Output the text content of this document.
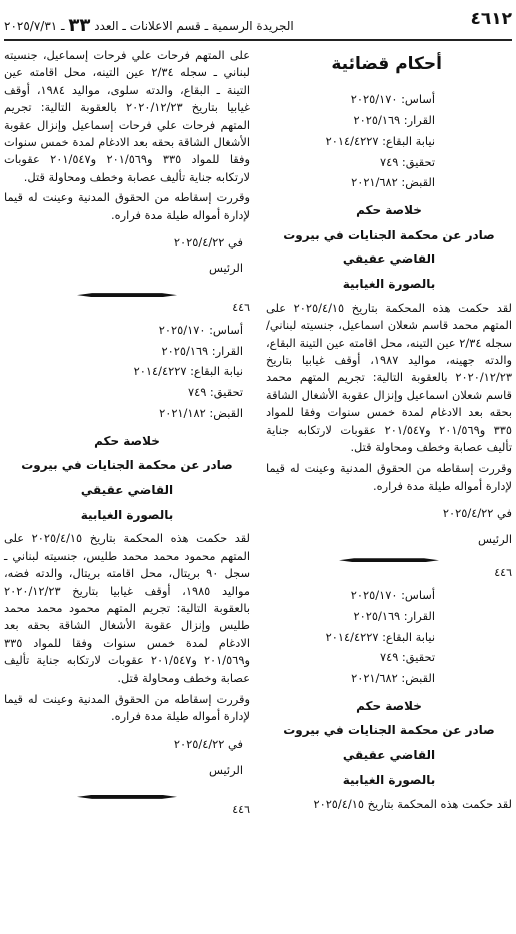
٤٦١٢
الجريدة الرسمية ـ قسم الاعلانات ـ العدد ٣٣ ـ ٢٠٢٥/٧/٣١
أحكام قضائية
أساس: ٢٠٢٥/١٧٠
القرار: ٢٠٢٥/١٦٩
نيابة البقاع: ٢٠١٤/٤٢٢٧
تحقيق: ٧٤٩
القبض: ٢٠٢١/٦٨٢
خلاصة حكم
صادر عن محكمة الجنايات في بيروت
القاضي عقيقي
بالصورة الغيابية
لقد حكمت هذه المحكمة بتاريخ ٢٠٢٥/٤/١٥ على المتهم محمد قاسم شعلان اسماعيل، جنسيته لبناني/ سجله ٢/٣٤ عين التينه، محل اقامته عين التينة البقاع، والدته جهينه، مواليد ١٩٨٧، أوقف غيابيا بتاريخ ٢٠٢٠/١٢/٢٣ بالعقوبة التالية: تجريم المتهم محمد قاسم شعلان اسماعيل وإنزال عقوبة الأشغال الشاقة بحقه بعد الادغام لمدة خمس سنوات وفقا للمواد ٣٣٥ و٢٠١/٥٦٩ و٢٠١/٥٤٧ عقوبات لارتكابه جناية تأليف عصابة وخطف ومحاولة قتل.
وقررت إسقاطه من الحقوق المدنية وعينت له قيما لإدارة أمواله طيلة مدة فراره.
في ٢٠٢٥/٤/٢٢
الرئيس
٤٤٦
أساس: ٢٠٢٥/١٧٠
القرار: ٢٠٢٥/١٦٩
نيابة البقاع: ٢٠١٤/٤٢٢٧
تحقيق: ٧٤٩
القبض: ٢٠٢١/٦٨٢
خلاصة حكم
صادر عن محكمة الجنايات في بيروت
القاضي عقيقي
بالصورة الغيابية
لقد حكمت هذه المحكمة بتاريخ ٢٠٢٥/٤/١٥
على المتهم فرحات علي فرحات إسماعيل، جنسيته لبناني ـ سجله ٢/٣٤ عين التينه، محل اقامته عين التينة ـ البقاع، والدته سلوى، مواليد ١٩٨٤، أوقف غيابيا بتاريخ ٢٠٢٠/١٢/٢٣ بالعقوبة التالية: تجريم المتهم فرحات علي فرحات إسماعيل وإنزال عقوبة الأشغال الشاقة بحقه بعد الادغام لمدة خمس سنوات وفقا للمواد ٣٣٥ و٢٠١/٥٦٩ و٢٠١/٥٤٧ عقوبات لارتكابه جناية تأليف عصابة وخطف ومحاولة قتل.
وقررت إسقاطه من الحقوق المدنية وعينت له قيما لإدارة أمواله طيلة مدة فراره.
في ٢٠٢٥/٤/٢٢
الرئيس
٤٤٦
أساس: ٢٠٢٥/١٧٠
القرار: ٢٠٢٥/١٦٩
نيابة البقاع: ٢٠١٤/٤٢٢٧
تحقيق: ٧٤٩
القبض: ٢٠٢١/١٨٢
خلاصة حكم
صادر عن محكمة الجنايات في بيروت
القاضي عقيقي
بالصورة الغيابية
لقد حكمت هذه المحكمة بتاريخ ٢٠٢٥/٤/١٥ على المتهم محمود محمد محمد طليس، جنسيته لبناني ـ سجل ٩٠ بريتال، محل اقامته بريتال، والدته فضه، مواليد ١٩٨٥، أوقف غيابيا بتاريخ ٢٠٢٠/١٢/٢٣ بالعقوبة التالية: تجريم المتهم محمود محمد محمد طليس وإنزال عقوبة الأشغال الشاقة بحقه بعد الادغام لمدة خمس سنوات وفقا للمواد ٣٣٥ و٢٠١/٥٦٩ و٢٠١/٥٤٧ عقوبات لارتكابه جناية تأليف عصابة وخطف ومحاولة قتل.
وقررت إسقاطه من الحقوق المدنية وعينت له قيما لإدارة أمواله طيلة مدة فراره.
في ٢٠٢٥/٤/٢٢
الرئيس
٤٤٦
